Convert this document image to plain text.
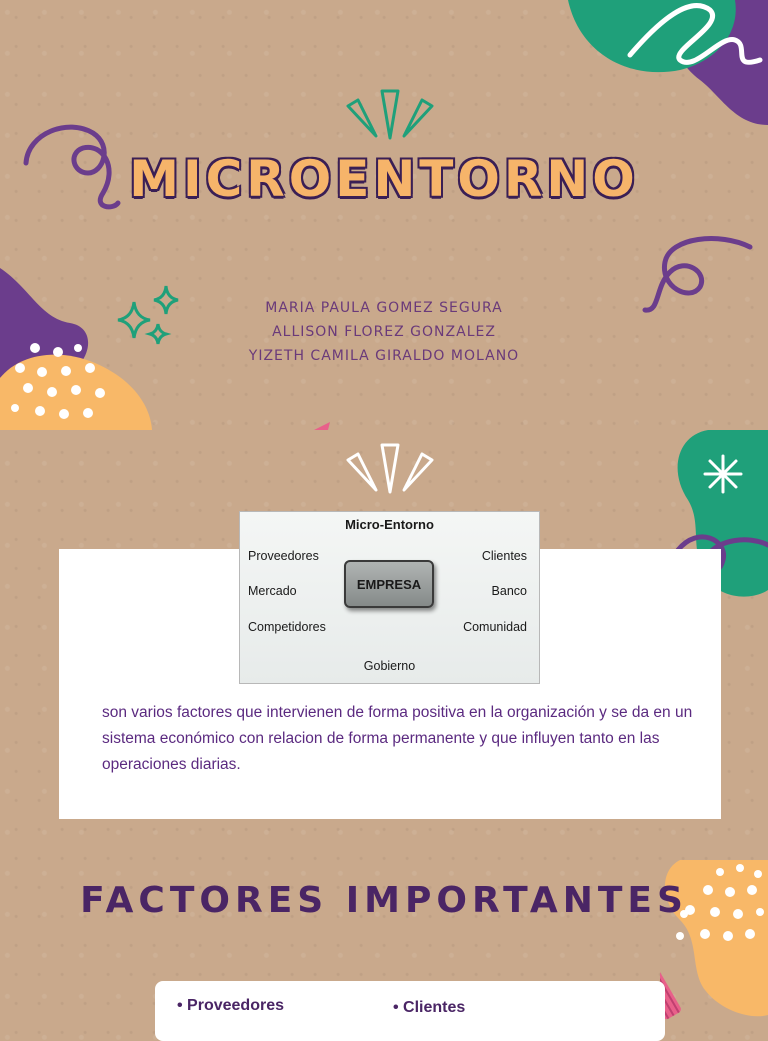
MICROENTORNO
MARIA PAULA GOMEZ SEGURA
ALLISON FLOREZ GONZALEZ
YIZETH CAMILA GIRALDO MOLANO
Micro-Entorno
Proveedores
Mercado
Competidores
Clientes
Banco
Comunidad
EMPRESA
Gobierno
son varios factores que intervienen de forma positiva en la organización y se da en un sistema económico con relacion de forma permanente y que influyen tanto en las operaciones diarias.
FACTORES IMPORTANTES
• Proveedores	• Clientes
